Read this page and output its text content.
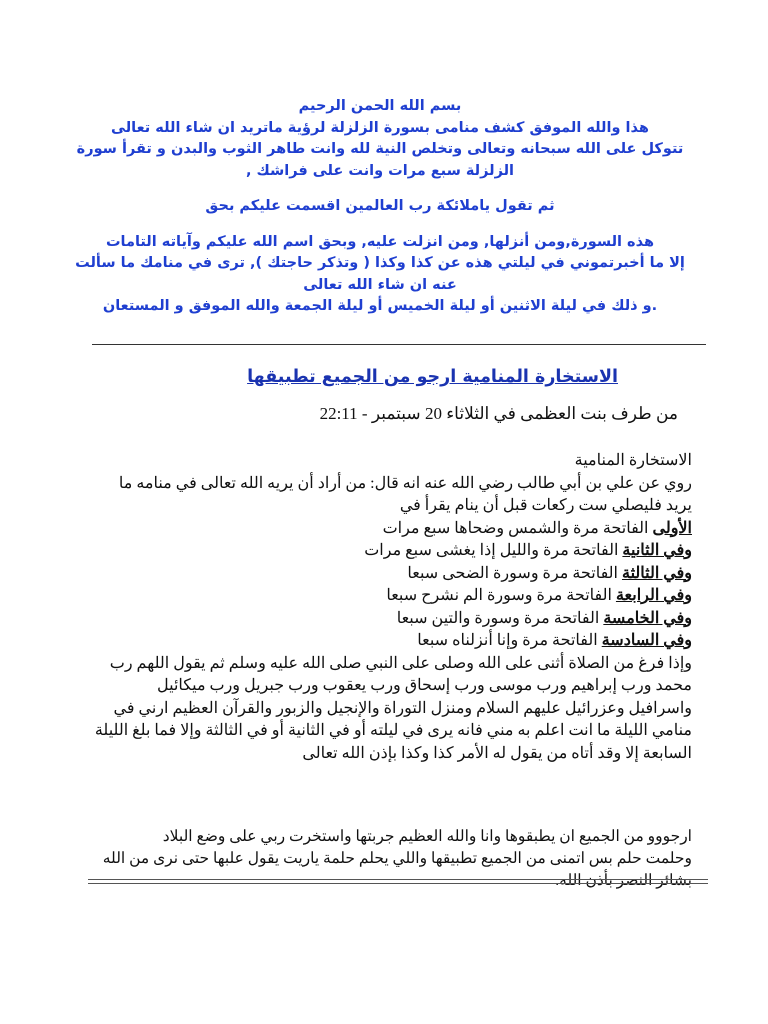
بسم الله الحمن الرحيم
هذا والله الموفق كشف منامى بسورة الزلزلة لرؤية ماتريد ان شاء الله تعالى
تتوكل على الله سبحانه وتعالى وتخلص النية لله وانت طاهر الثوب والبدن و تقرأ سورة
الزلزلة سبع مرات وانت على فراشك ,
ثم تقول ياملائكة رب العالمين اقسمت عليكم بحق
هذه السورة,ومن أنزلها, ومن انزلت عليه, وبحق اسم الله عليكم وآياته التامات
إلا ما أخبرتموني في ليلتي هذه عن كذا وكذا ( وتذكر حاجتك ), ترى في منامك ما سألت
عنه ان شاء الله تعالى
.و ذلك في ليلة الاثنين أو ليلة الخميس أو ليلة الجمعة والله الموفق و المستعان
الاستخارة المنامية ارجو من الجميع تطبيقها
من طرف بنت العظمى في الثلاثاء 20 سبتمبر - 22:11
الاستخارة المنامية
روي عن علي بن أبي طالب رضي الله عنه انه قال: من أراد أن يريه الله تعالى في منامه ما
يريد فليصلي ست ركعات قبل أن ينام يقرأ في
الأولى الفاتحة مرة والشمس وضحاها سبع مرات
وفي الثانية الفاتحة مرة والليل إذا يغشى سبع مرات
وفي الثالثة الفاتحة مرة وسورة الضحى سبعا
وفي الرابعة الفاتحة مرة وسورة الم نشرح سبعا
وفي الخامسة الفاتحة مرة وسورة والتين سبعا
وفي السادسة الفاتحة مرة وإنا أنزلناه سبعا
وإذا فرغ من الصلاة أثنى على الله وصلى على النبي صلى الله عليه وسلم ثم يقول اللهم رب
محمد ورب إبراهيم ورب موسى ورب إسحاق ورب يعقوب ورب جبريل ورب ميكائيل
واسرافيل وعزرائيل عليهم السلام ومنزل التوراة والإنجيل والزبور والقرآن العظيم ارني في
منامي الليلة ما انت اعلم به مني فانه يرى في ليلته أو في الثانية أو في الثالثة وإلا فما بلغ الليلة
السابعة إلا وقد أتاه من يقول له الأمر كذا وكذا بإذن الله تعالى
ارجووو من الجميع ان يطبقوها وانا والله العظيم جربتها واستخرت ربي على وضع البلاد
وحلمت حلم بس اتمنى من الجميع تطبيقها واللي يحلم حلمة ياريت يقول علبها حتى نرى من الله
بشائر النصر بأذن الله.
